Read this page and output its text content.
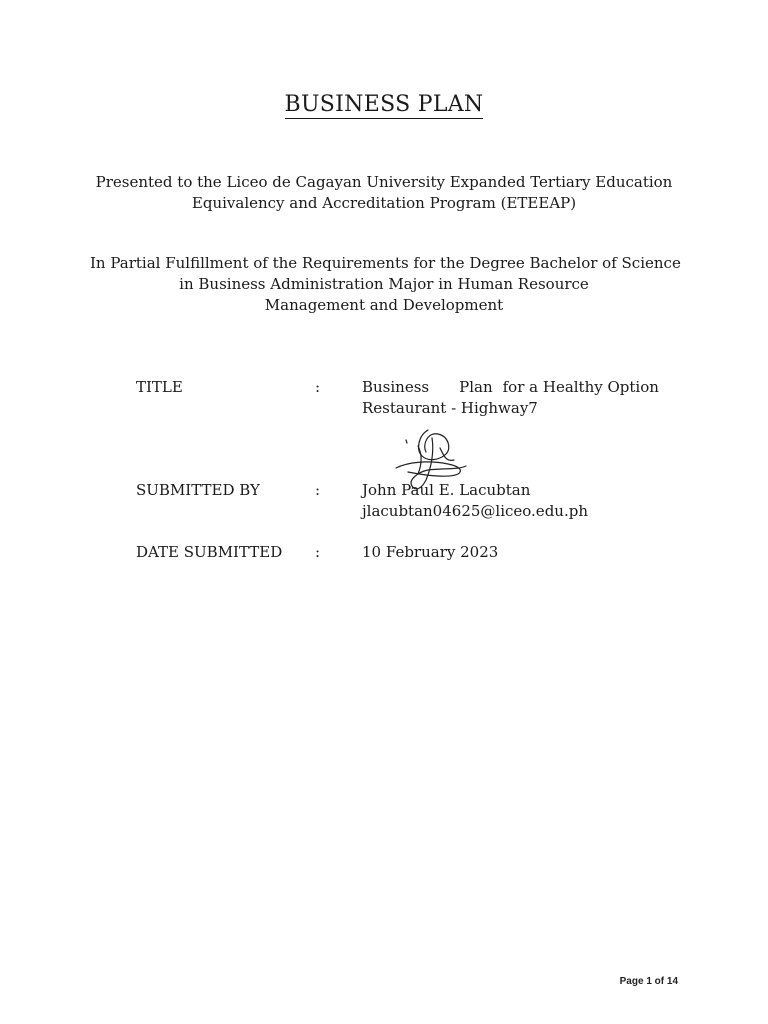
BUSINESS PLAN
Presented to the Liceo de Cagayan University Expanded Tertiary Education
Equivalency and Accreditation Program (ETEEAP)
In Partial Fulfillment of the Requirements for the Degree Bachelor of Science
in Business Administration Major in Human Resource
Management and Development
TITLE	:	Business Plan for a Healthy Option
Restaurant - Highway7
SUBMITTED BY	:	John Paul E. Lacubtan
jlacubtan04625@liceo.edu.ph
DATE SUBMITTED :	10 February 2023
Page 1 of 14
